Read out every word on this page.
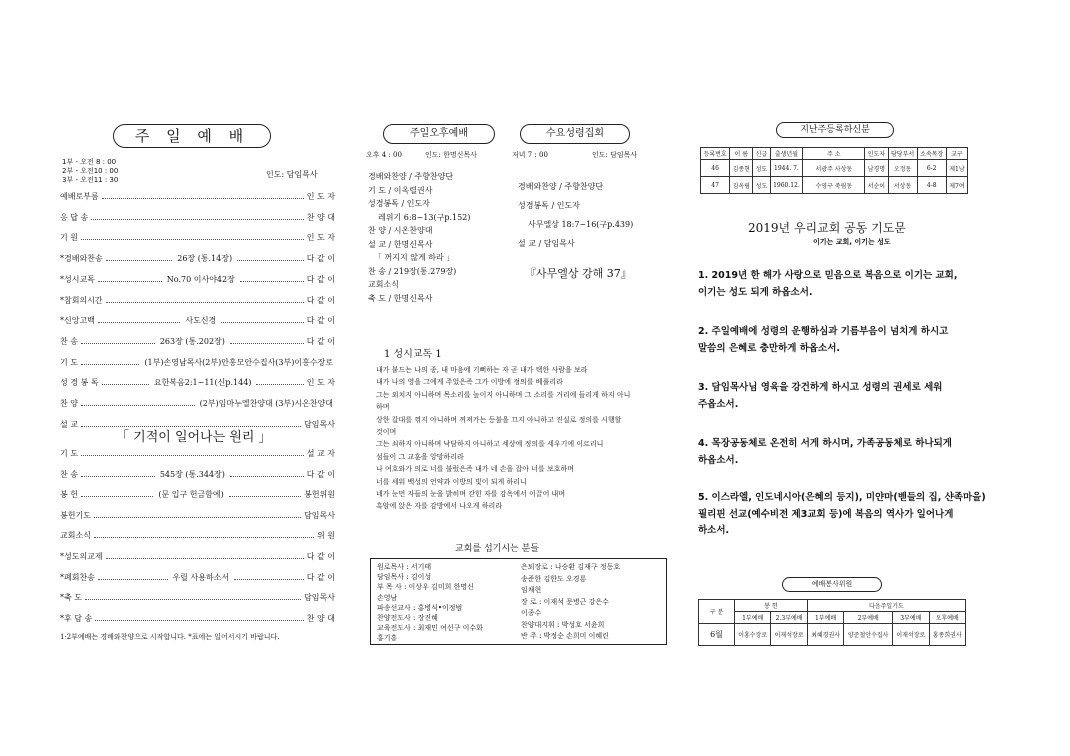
주 일 예 배
1부 - 오전 8 : 00
2부 - 오전10 : 00
3부 - 오전11 : 30
인도: 담임목사
예배로부름	인 도 자
응 답 송	찬 양 대
기 원	인 도 자
*경배와찬송	26장 (통.14장)	다 같 이
*성시교독	No.70 이사야42장	다 같 이
*참회의시간	다 같 이
*신앙고백	사도신경	다 같 이
찬 송	263장 (통.202장)	다 같 이
기 도	(1부)손영남목사(2부)안홍모안수집사(3부)이홍수장로
성 경 봉 독	요한복음2:1~11(신p.144)	인 도 자
찬 양	(2부)임마누엘찬양대 (3부)시온찬양대
설 교	담임목사
「 기적이 일어나는 원리 」
기 도	설 교 자
찬 송	545장 (통.344장)	다 같 이
봉 헌	(문 입구 헌금함에)	봉헌위원
봉헌기도	담임목사
교회소식	위 원
*성도의교제	다 같 이
*폐회찬송	우릴 사용하소서	다 같 이
*축 도	담임목사
*후 담 송	찬 양 대
1·2부예배는 경배와찬양으로 시작합니다. *표에는 일어서시기 바랍니다.
주일오후예배	수요성령집회
오후 4 : 00	인도: 한명신목사	저녁 7 : 00	인도: 담임목사
경배와찬양 / 주향찬양단
기 도 / 이옥렬권사
성경봉독 / 인도자
레위기 6:8~13(구p.152)
찬 양 / 시온찬양대
설 교 / 한명신목사
「 꺼지지 않게 하라 」
찬 송 / 219장(통.279장)
교회소식
축 도 / 한명신목사
경배와찬양 / 주향찬양단
성경봉독 / 인도자
사무엘상 18:7~16(구p.439)
설 교 / 담임목사
『사무엘상 강해 37』
1 성시교독 1
내가 붙드는 나의 종, 내 마음에 기뻐하는 자 곧 내가 택한 사람을 보라
내가 나의 영을 그에게 주었은즉 그가 이방에 정의를 베풀리라
그는 외치지 아니하며 목소리를 높이지 아니하며 그 소리를 거리에 들리게 하지 아니
하며
상한 갈대를 꺾지 아니하며 꺼져가는 등불을 끄지 아니하고 진실로 정의를 시행할
것이며
그는 쇠하지 아니하며 낙담하지 아니하고 세상에 정의를 세우기에 이르리니
섬들이 그 교훈을 앙망하리라
나 여호와가 의로 너를 불렀은즉 내가 네 손을 잡아 너를 보호하며
너를 세워 백성의 언약과 이방의 빛이 되게 하리니
네가 눈먼 자들의 눈을 밝히며 갇힌 자를 감옥에서 이끌어 내며
흑암에 앉은 자를 감방에서 나오게 하리라
교회를 섬기시는 분들
원로목사 : 서기태
담임목사 : 김이성
부 목 사 : 이상우 김미희 한명신
손영남
파송선교사 : 홍병식•이정범
찬양전도사 : 장진혜
교육전도사 : 최재민 여선구 이수화
홍기흥
은퇴장로 : 나승환 김재구 정동호
송준한 김한도 오경룡
임채현
장 로 : 이재석 문병근 강은수
이종수
찬양대지휘 : 박성호 서윤희
반 주 : 박정순 손희미 이혜린
지난주등록하신분
등록번호	이 름	신급	출생년월	주 소	인도자	담당부서	소속목장	교구
46	김종현	성도	1944. 7.	서광주 사상동	남경명	오정동	6-2	제1남
47	김옥림	성도	1960.12.	수영구 죽림동	서순이	서상동	4-8	제7여
2019년 우리교회 공동 기도문
이기는 교회, 이기는 성도
1. 2019년 한 해가 사랑으로 믿음으로 복음으로 이기는 교회,
이기는 성도 되게 하옵소서.
2. 주일예배에 성령의 운행하심과 기름부음이 넘치게 하시고
말씀의 은혜로 충만하게 하옵소서.
3. 담임목사님 영육을 강건하게 하시고 성령의 권세로 세워
주옵소서.
4. 목장공동체로 온전히 서게 하시며, 가족공동체로 하나되게
하옵소서.
5. 이스라엘, 인도네시아(은혜의 등지), 미얀마(벧들의 집, 샨족마을)
필리핀 선교(예수비전 제3교회 등)에 복음의 역사가 일어나게
하소서.
예배봉사위원
구 분	봉 헌		다음주일기도			
	1부예배	2.3부예배	1부예배	2부예배	3부예배	오후예배
6월	이홍수장로	이재석장로	최혜경권사	양준철안수집사	이재석장로	홍종희권사
